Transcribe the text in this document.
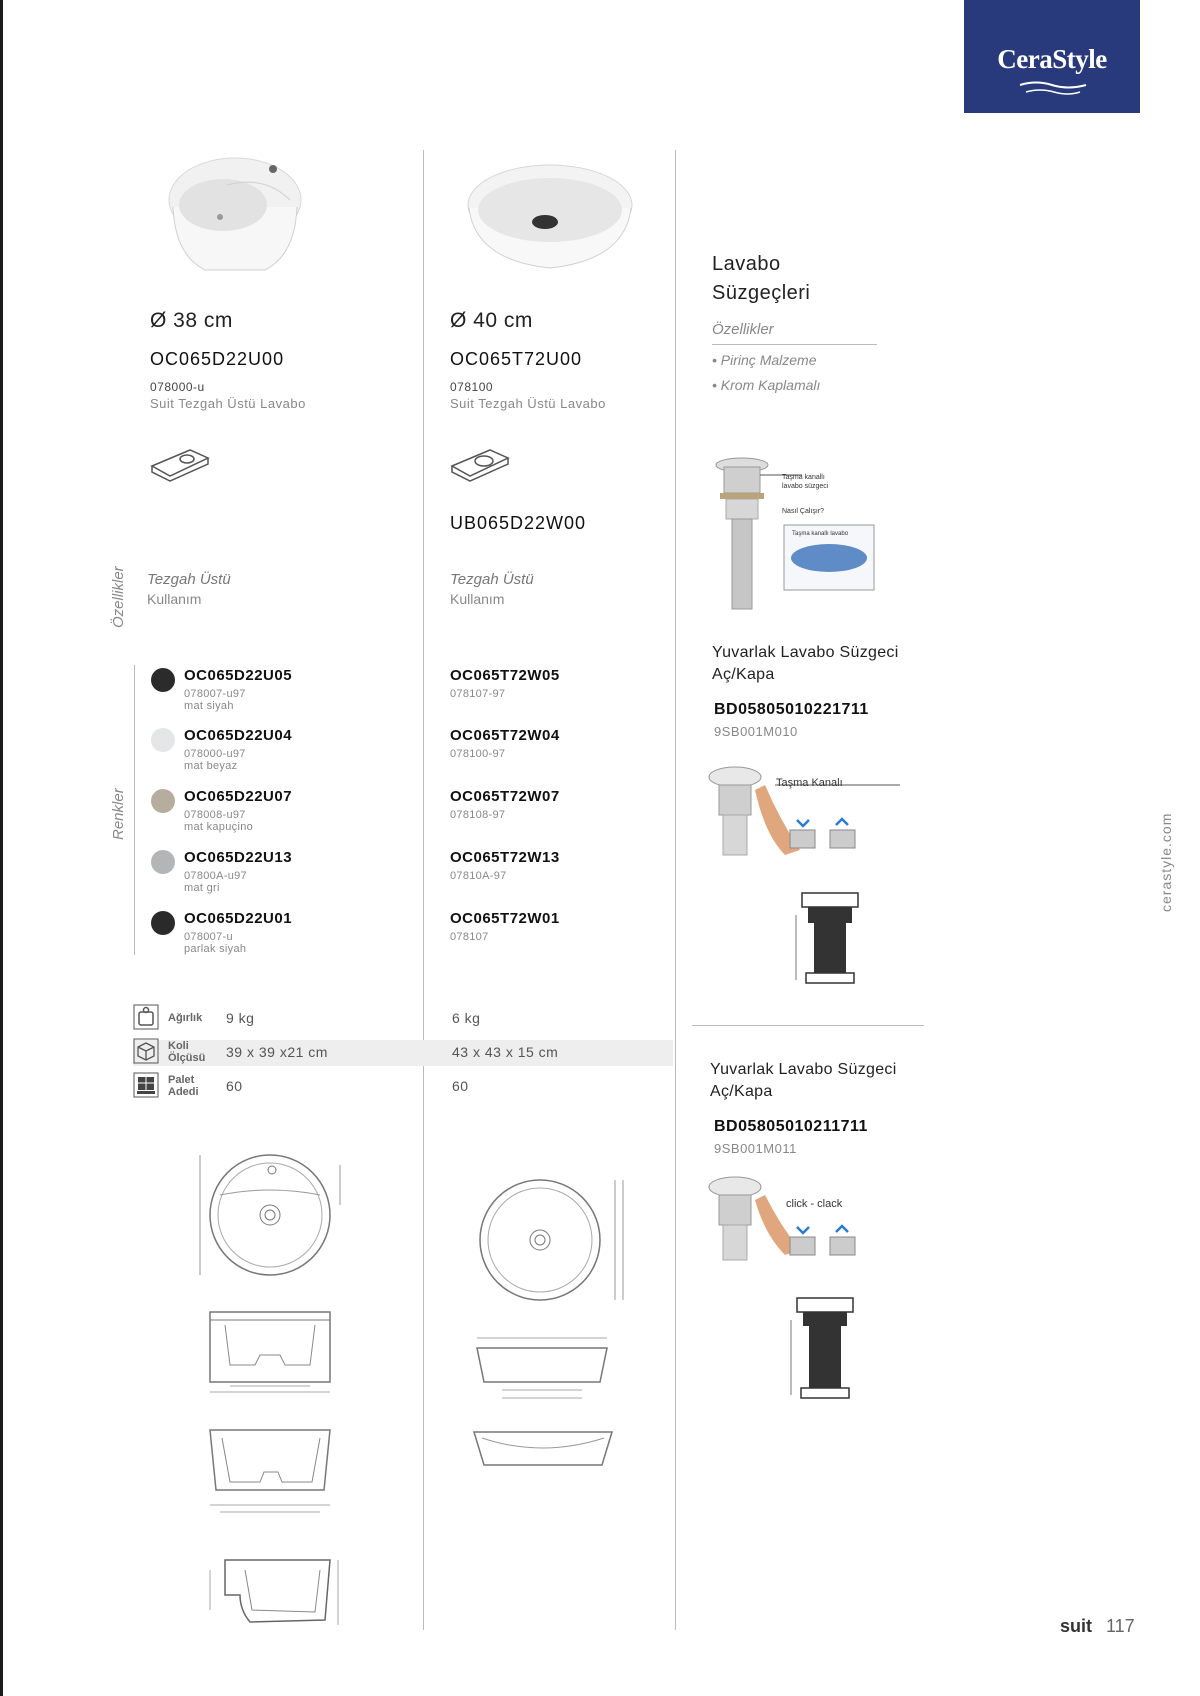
CeraStyle
Ø 38 cm
OC065D22U00
078000-u
Suit Tezgah Üstü Lavabo
Özellikler Tezgah Üstü
Kullanım
Renkler
OC065D22U05
078007-u97
mat siyah
OC065D22U04
078000-u97
mat beyaz
OC065D22U07
078008-u97
mat kapuçino
OC065D22U13
07800A-u97
mat gri
OC065D22U01
078007-u
parlak siyah
Ø 40 cm
OC065T72U00
078100
Suit Tezgah Üstü Lavabo
UB065D22W00
Tezgah Üstü
Kullanım
OC065T72W05
078107-97
OC065T72W04
078100-97
OC065T72W07
078108-97
OC065T72W13
07810A-97
OC065T72W01
078107
Ağırlık 9 kg	6 kg
Koli
Ölçüsü 39 x 39 x21 cm	43 x 43 x 15 cm
Palet
Adedi 60	60
Lavabo
Süzgeçleri
Özellikler
• Pirinç Malzeme
• Krom Kaplamalı
Taşma kanallı
lavabo süzgeci
Nasıl Çalışır?
Taşma kanallı lavabo
Yuvarlak Lavabo Süzgeci
Aç/Kapa
BD05805010221711
9SB001M010
Taşma Kanalı
Yuvarlak Lavabo Süzgeci
Aç/Kapa
BD05805010211711
9SB001M011
click - clack
cerastyle.com
suit 117
